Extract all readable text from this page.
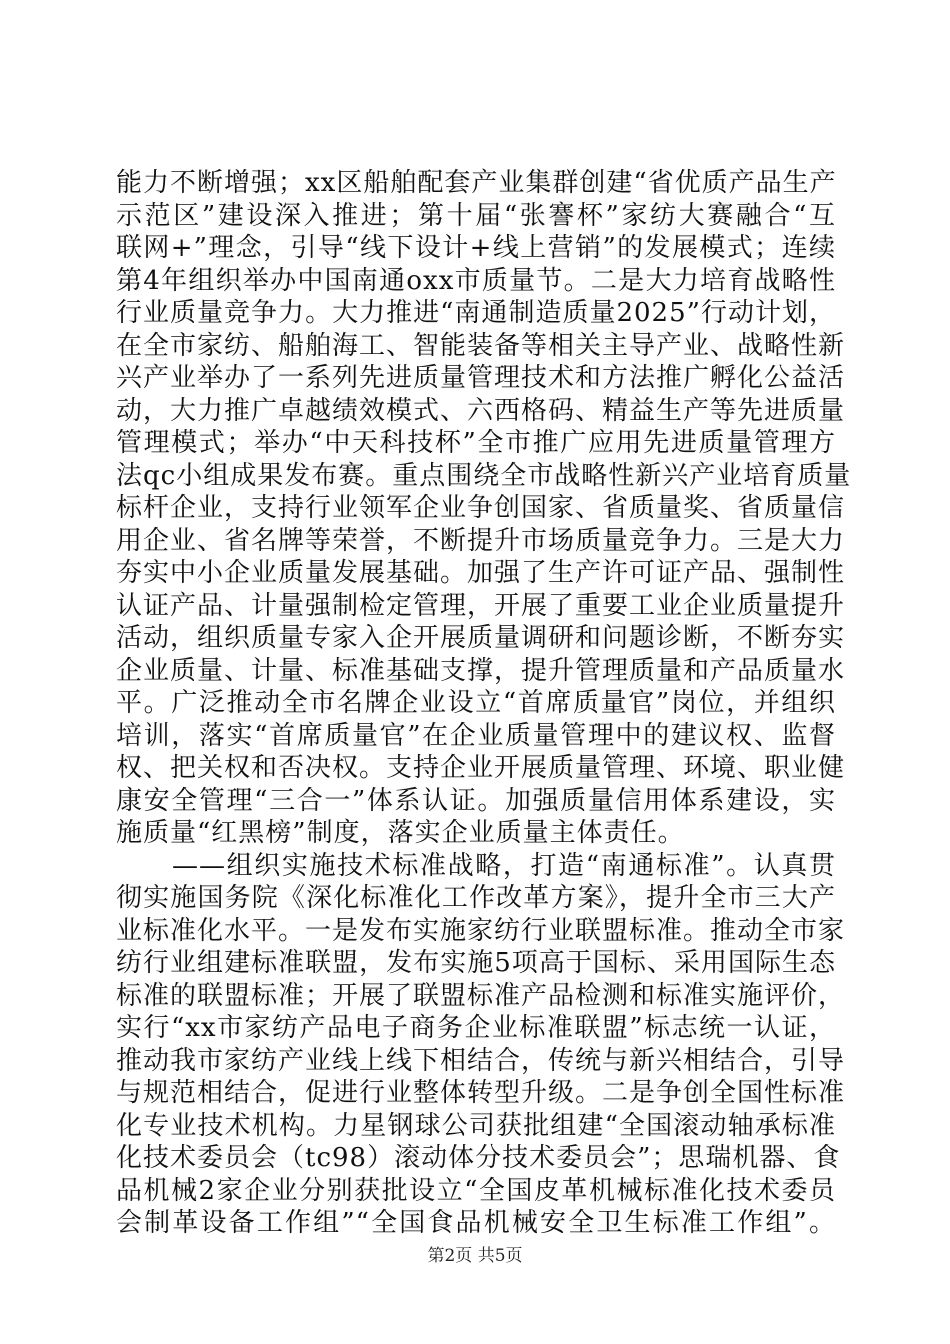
能力不断增强；xx区船舶配套产业集群创建“省优质产品生产
示范区”建设深入推进；第十届“张謇杯”家纺大赛融合“互
联网+”理念，引导“线下设计+线上营销”的发展模式；连续
第4年组织举办中国南通oxx市质量节。二是大力培育战略性
行业质量竞争力。大力推进“南通制造质量2025”行动计划，
在全市家纺、船舶海工、智能装备等相关主导产业、战略性新
兴产业举办了一系列先进质量管理技术和方法推广孵化公益活
动，大力推广卓越绩效模式、六西格码、精益生产等先进质量
管理模式；举办“中天科技杯”全市推广应用先进质量管理方
法qc小组成果发布赛。重点围绕全市战略性新兴产业培育质量
标杆企业，支持行业领军企业争创国家、省质量奖、省质量信
用企业、省名牌等荣誉，不断提升市场质量竞争力。三是大力
夯实中小企业质量发展基础。加强了生产许可证产品、强制性
认证产品、计量强制检定管理，开展了重要工业企业质量提升
活动，组织质量专家入企开展质量调研和问题诊断，不断夯实
企业质量、计量、标准基础支撑，提升管理质量和产品质量水
平。广泛推动全市名牌企业设立“首席质量官”岗位，并组织
培训，落实“首席质量官”在企业质量管理中的建议权、监督
权、把关权和否决权。支持企业开展质量管理、环境、职业健
康安全管理“三合一”体系认证。加强质量信用体系建设，实
施质量“红黑榜”制度，落实企业质量主体责任。
——组织实施技术标准战略，打造“南通标准”。认真贯
彻实施国务院《深化标准化工作改革方案》，提升全市三大产
业标准化水平。一是发布实施家纺行业联盟标准。推动全市家
纺行业组建标准联盟，发布实施5项高于国标、采用国际生态
标准的联盟标准；开展了联盟标准产品检测和标准实施评价，
实行“xx市家纺产品电子商务企业标准联盟”标志统一认证，
推动我市家纺产业线上线下相结合，传统与新兴相结合，引导
与规范相结合，促进行业整体转型升级。二是争创全国性标准
化专业技术机构。力星钢球公司获批组建“全国滚动轴承标准
化技术委员会（tc98）滚动体分技术委员会”；思瑞机器、食
品机械2家企业分别获批设立“全国皮革机械标准化技术委员
会制革设备工作组”“全国食品机械安全卫生标准工作组”。
第2页 共5页
